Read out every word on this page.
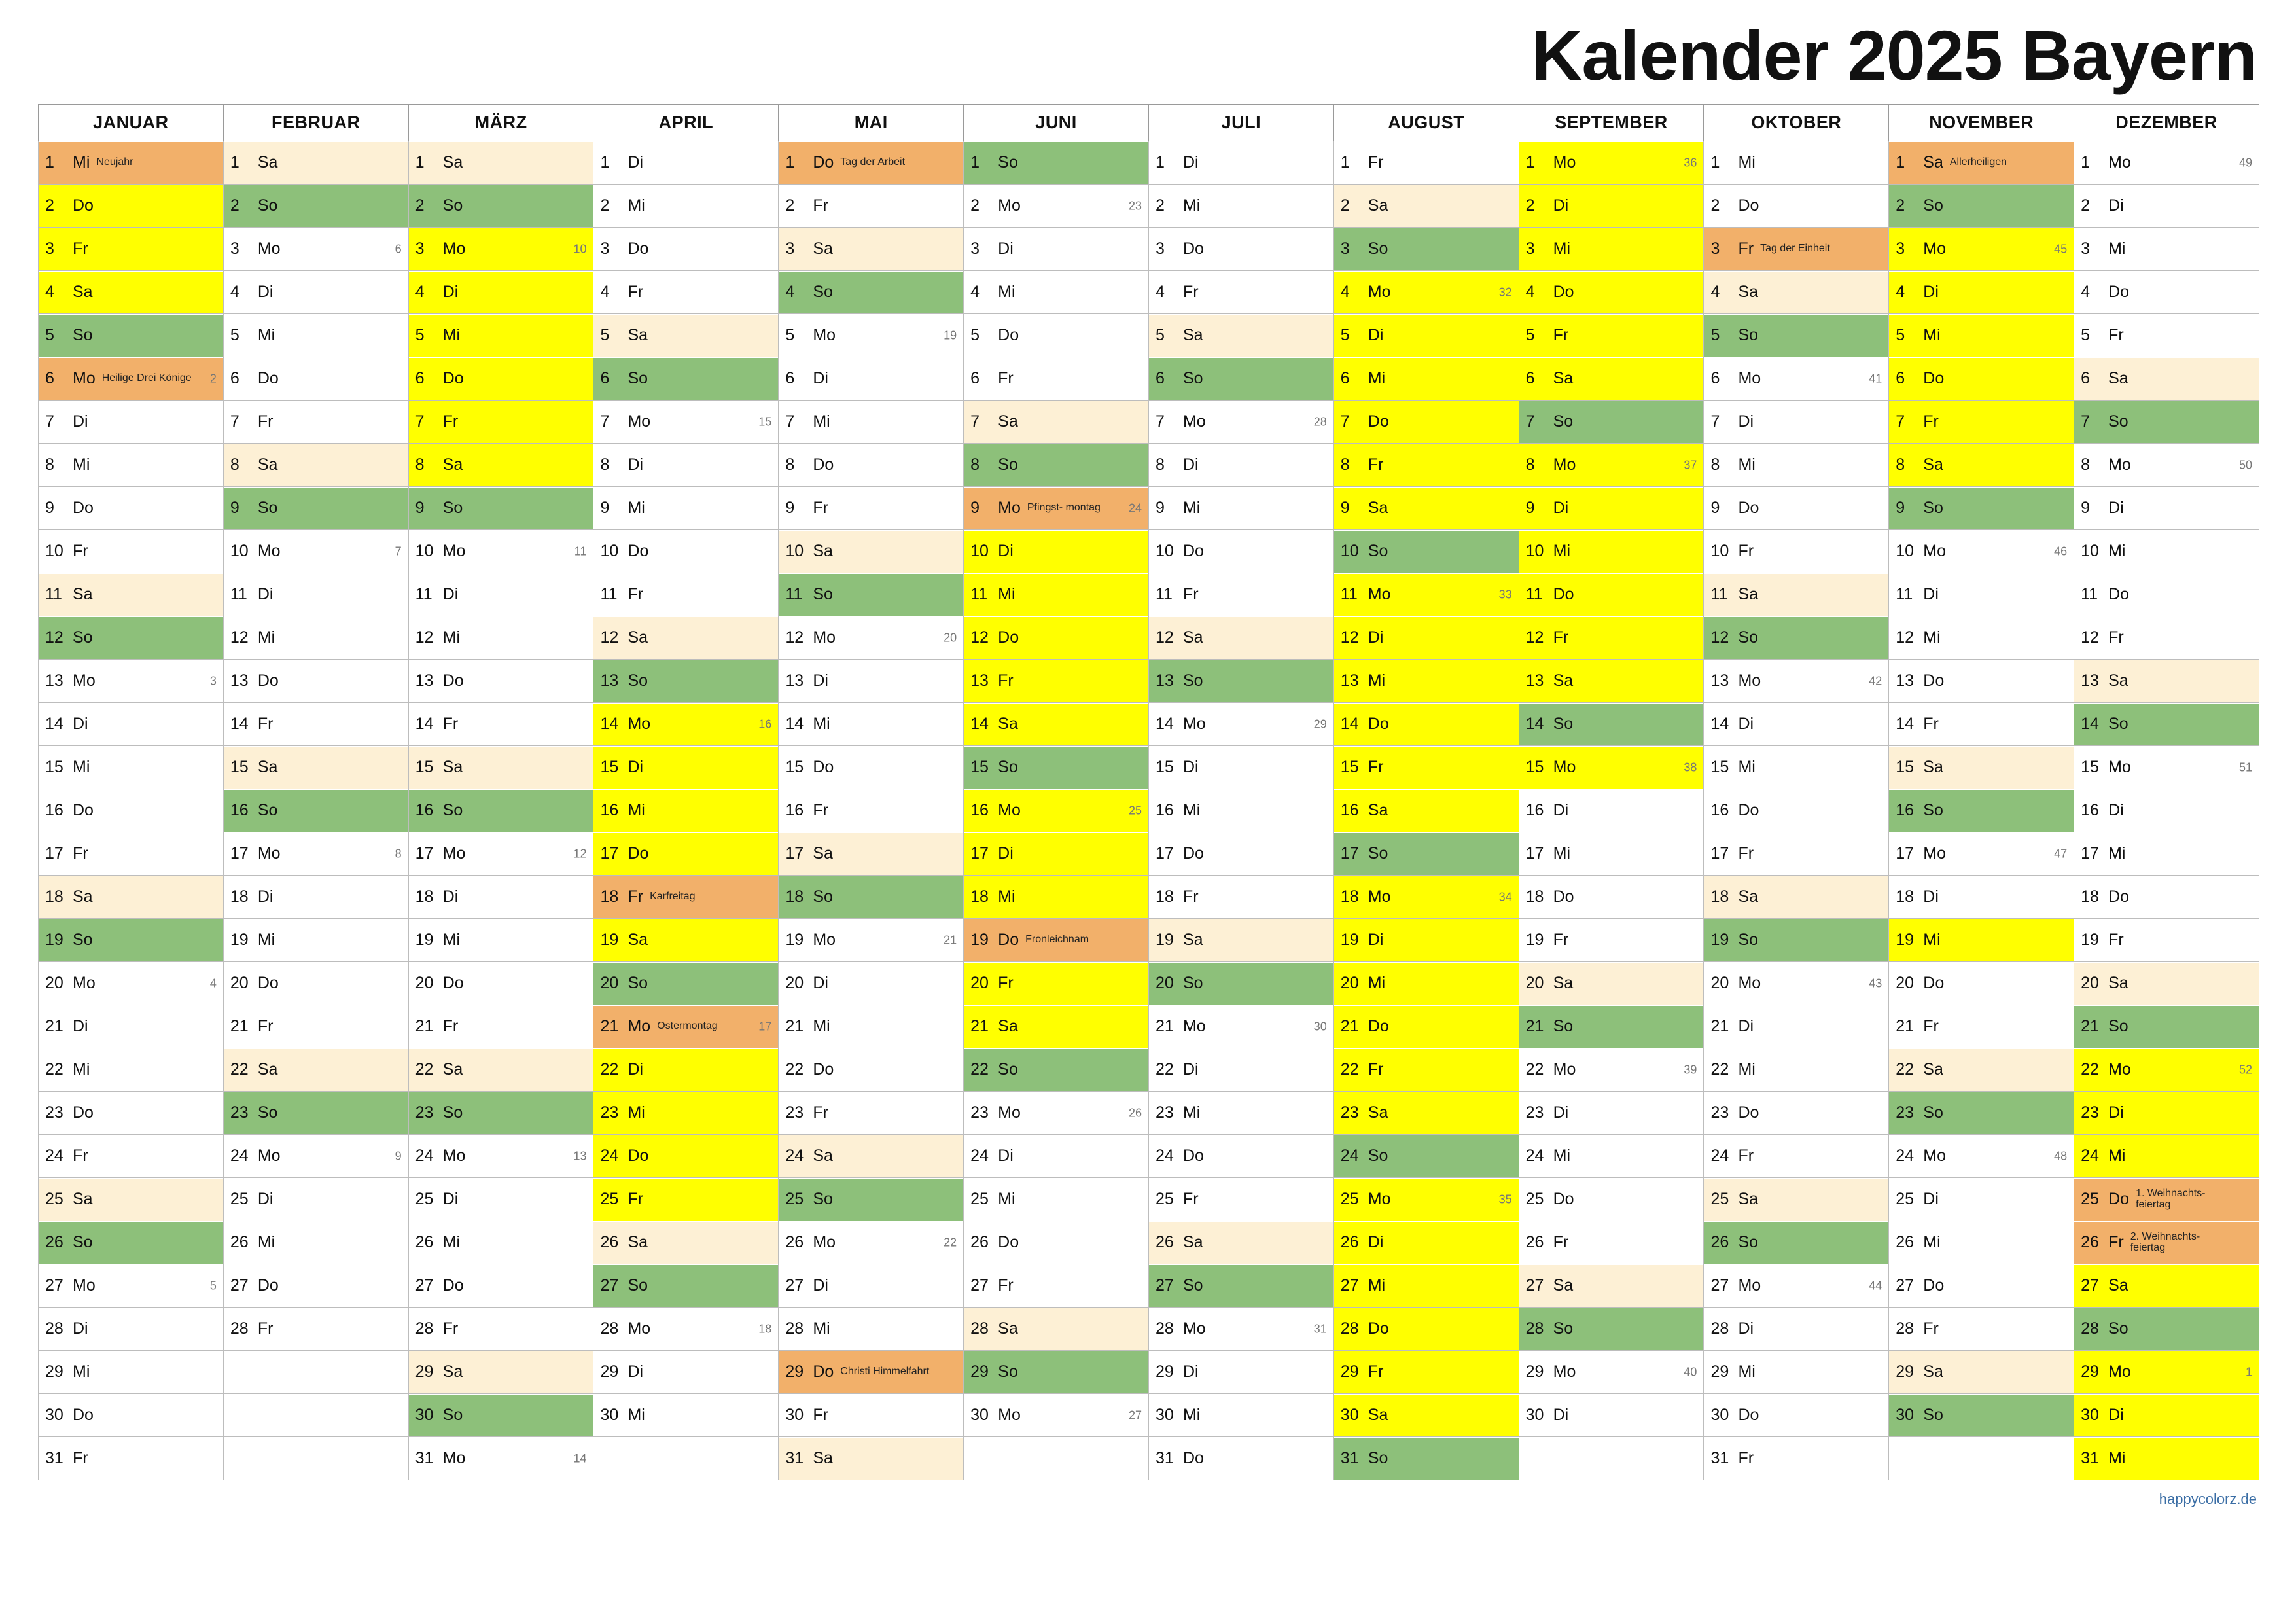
Kalender 2025 Bayern
JANUAR	FEBRUAR	MÄRZ	APRIL	MAI	JUNI	JULI	AUGUST	SEPTEMBER	OKTOBER	NOVEMBER	DEZEMBER

1 Mi Neujahr	1 Sa	1 Sa	1 Di	1 Do Tag der Arbeit	1 So	1 Di	1 Fr	1 Mo 36	1 Mi	1 Sa Allerheiligen	1 Mo 49

2 Do	2 So	2 So	2 Mi	2 Fr	2 Mo 23	2 Mi	2 Sa	2 Di	2 Do	2 So	2 Di

3 Fr	3 Mo 6	3 Mo 10	3 Do	3 Sa	3 Di	3 Do	3 So	3 Mi	3 Fr Tag der Einheit	3 Mo 45	3 Mi

4 Sa	4 Di	4 Di	4 Fr	4 So	4 Mi	4 Fr	4 Mo 32	4 Do	4 Sa	4 Di	4 Do

5 So	5 Mi	5 Mi	5 Sa	5 Mo 19	5 Do	5 Sa	5 Di	5 Fr	5 So	5 Mi	5 Fr

6 Mo Heilige Drei Könige 2	6 Do	6 Do	6 So	6 Di	6 Fr	6 So	6 Mi	6 Sa	6 Mo 41	6 Do	6 Sa

7 Di	7 Fr	7 Fr	7 Mo 15	7 Mi	7 Sa	7 Mo 28	7 Do	7 So	7 Di	7 Fr	7 So

8 Mi	8 Sa	8 Sa	8 Di	8 Do	8 So	8 Di	8 Fr	8 Mo 37	8 Mi	8 Sa	8 Mo 50

9 Do	9 So	9 So	9 Mi	9 Fr	9 Mo Pfingst- montag 24	9 Mi	9 Sa	9 Di	9 Do	9 So	9 Di

10 Fr	10 Mo 7	10 Mo 11	10 Do	10 Sa	10 Di	10 Do	10 So	10 Mi	10 Fr	10 Mo 46	10 Mi

11 Sa	11 Di	11 Di	11 Fr	11 So	11 Mi	11 Fr	11 Mo 33	11 Do	11 Sa	11 Di	11 Do

12 So	12 Mi	12 Mi	12 Sa	12 Mo 20	12 Do	12 Sa	12 Di	12 Fr	12 So	12 Mi	12 Fr

13 Mo 3	13 Do	13 Do	13 So	13 Di	13 Fr	13 So	13 Mi	13 Sa	13 Mo 42	13 Do	13 Sa

14 Di	14 Fr	14 Fr	14 Mo 16	14 Mi	14 Sa	14 Mo 29	14 Do	14 So	14 Di	14 Fr	14 So

15 Mi	15 Sa	15 Sa	15 Di	15 Do	15 So	15 Di	15 Fr	15 Mo 38	15 Mi	15 Sa	15 Mo 51

16 Do	16 So	16 So	16 Mi	16 Fr	16 Mo 25	16 Mi	16 Sa	16 Di	16 Do	16 So	16 Di

17 Fr	17 Mo 8	17 Mo 12	17 Do	17 Sa	17 Di	17 Do	17 So	17 Mi	17 Fr	17 Mo 47	17 Mi

18 Sa	18 Di	18 Di	18 Fr Karfreitag	18 So	18 Mi	18 Fr	18 Mo 34	18 Do	18 Sa	18 Di	18 Do

19 So	19 Mi	19 Mi	19 Sa	19 Mo 21	19 Do Fronleichnam	19 Sa	19 Di	19 Fr	19 So	19 Mi	19 Fr

20 Mo 4	20 Do	20 Do	20 So	20 Di	20 Fr	20 So	20 Mi	20 Sa	20 Mo 43	20 Do	20 Sa

21 Di	21 Fr	21 Fr	21 Mo Ostermontag 17	21 Mi	21 Sa	21 Mo 30	21 Do	21 So	21 Di	21 Fr	21 So

22 Mi	22 Sa	22 Sa	22 Di	22 Do	22 So	22 Di	22 Fr	22 Mo 39	22 Mi	22 Sa	22 Mo 52

23 Do	23 So	23 So	23 Mi	23 Fr	23 Mo 26	23 Mi	23 Sa	23 Di	23 Do	23 So	23 Di

24 Fr	24 Mo 9	24 Mo 13	24 Do	24 Sa	24 Di	24 Do	24 So	24 Mi	24 Fr	24 Mo 48	24 Mi

25 Sa	25 Di	25 Di	25 Fr	25 So	25 Mi	25 Fr	25 Mo 35	25 Do	25 Sa	25 Di	25 Do 1. Weihnachts- feiertag

26 So	26 Mi	26 Mi	26 Sa	26 Mo 22	26 Do	26 Sa	26 Di	26 Fr	26 So	26 Mi	26 Fr 2. Weihnachts- feiertag

27 Mo 5	27 Do	27 Do	27 So	27 Di	27 Fr	27 So	27 Mi	27 Sa	27 Mo 44	27 Do	27 Sa

28 Di	28 Fr	28 Fr	28 Mo 18	28 Mi	28 Sa	28 Mo 31	28 Do	28 So	28 Di	28 Fr	28 So

29 Mi		29 Sa	29 Di	29 Do Christi Himmelfahrt	29 So	29 Di	29 Fr	29 Mo 40	29 Mi	29 Sa	29 Mo 1

30 Do		30 So	30 Mi	30 Fr	30 Mo 27	30 Mi	30 Sa	30 Di	30 Do	30 So	30 Di

31 Fr		31 Mo 14		31 Sa		31 Do	31 So		31 Fr		31 Mi
happycolorz.de
